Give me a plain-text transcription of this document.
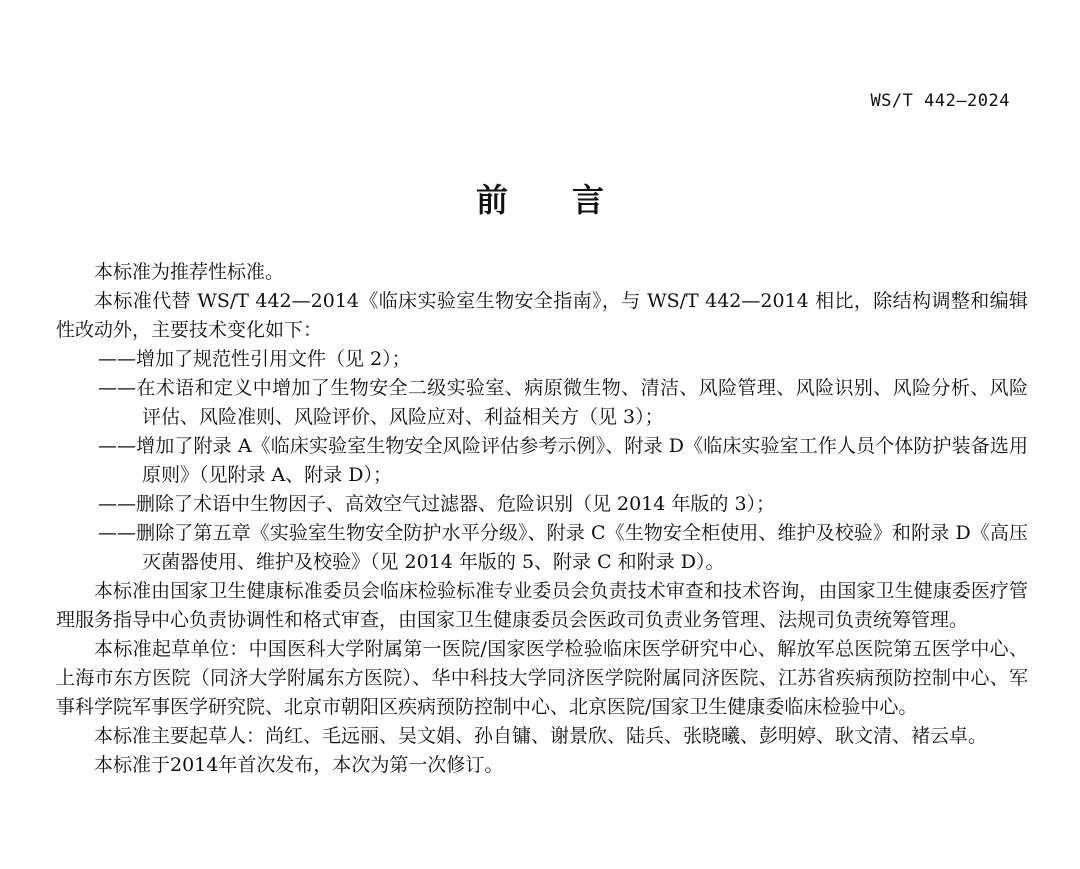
WS/T 442—2024
前言

本标准为推荐性标准。

本标准代替 WS/T 442—2014《临床实验室生物安全指南》，与 WS/T 442—2014 相比，除结构调整和编辑性改动外，主要技术变化如下：

——增加了规范性引用文件（见 2）；

——在术语和定义中增加了生物安全二级实验室、病原微生物、清洁、风险管理、风险识别、风险分析、风险评估、风险准则、风险评价、风险应对、利益相关方（见 3）；

——增加了附录 A《临床实验室生物安全风险评估参考示例》、附录 D《临床实验室工作人员个体防护装备选用原则》（见附录 A、附录 D）；

——删除了术语中生物因子、高效空气过滤器、危险识别（见 2014 年版的 3）；

——删除了第五章《实验室生物安全防护水平分级》、附录 C《生物安全柜使用、维护及校验》和附录 D《高压灭菌器使用、维护及校验》（见 2014 年版的 5、附录 C 和附录 D）。

本标准由国家卫生健康标准委员会临床检验标准专业委员会负责技术审查和技术咨询，由国家卫生健康委医疗管理服务指导中心负责协调性和格式审查，由国家卫生健康委员会医政司负责业务管理、法规司负责统筹管理。

本标准起草单位：中国医科大学附属第一医院/国家医学检验临床医学研究中心、解放军总医院第五医学中心、上海市东方医院（同济大学附属东方医院）、华中科技大学同济医学院附属同济医院、江苏省疾病预防控制中心、军事科学院军事医学研究院、北京市朝阳区疾病预防控制中心、北京医院/国家卫生健康委临床检验中心。

本标准主要起草人：尚红、毛远丽、吴文娟、孙自镛、谢景欣、陆兵、张晓曦、彭明婷、耿文清、褚云卓。

本标准于2014年首次发布，本次为第一次修订。
